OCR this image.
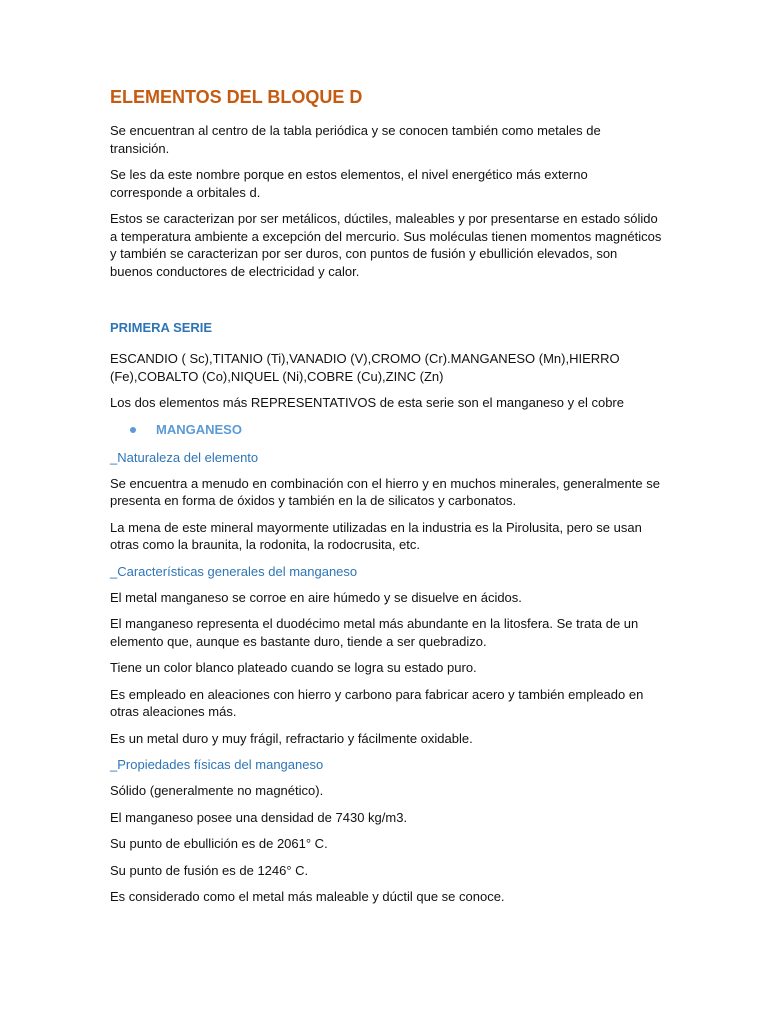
ELEMENTOS DEL BLOQUE D

Se encuentran al centro de la tabla periódica y se conocen también como metales de transición.

Se les da este nombre porque en estos elementos, el nivel energético más externo corresponde a orbitales d.

Estos se caracterizan por ser metálicos, dúctiles, maleables y por presentarse en estado sólido a temperatura ambiente a excepción del mercurio. Sus moléculas tienen momentos magnéticos y también se caracterizan por ser duros, con puntos de fusión y ebullición elevados, son buenos conductores de electricidad y calor.

PRIMERA SERIE

ESCANDIO ( Sc),TITANIO (Ti),VANADIO (V),CROMO (Cr).MANGANESO (Mn),HIERRO (Fe),COBALTO (Co),NIQUEL (Ni),COBRE (Cu),ZINC (Zn)

Los dos elementos más REPRESENTATIVOS de esta serie son el manganeso y el cobre

MANGANESO
_Naturaleza del elemento

Se encuentra a menudo en combinación con el hierro y en muchos minerales, generalmente se presenta en forma de óxidos y también en la de silicatos y carbonatos.

La mena de este mineral mayormente utilizadas en la industria es la Pirolusita, pero se usan otras como la braunita, la rodonita, la rodocrusita, etc.

_Características generales del manganeso

El metal manganeso se corroe en aire húmedo y se disuelve en ácidos.

El manganeso representa el duodécimo metal más abundante en la litosfera. Se trata de un elemento que, aunque es bastante duro, tiende a ser quebradizo.

Tiene un color blanco plateado cuando se logra su estado puro.

Es empleado en aleaciones con hierro y carbono para fabricar acero y también empleado en otras aleaciones más.

Es un metal duro y muy frágil, refractario y fácilmente oxidable.

_Propiedades físicas del manganeso

Sólido (generalmente no magnético).

El manganeso posee una densidad de 7430 kg/m3.

Su punto de ebullición es de 2061° C.

Su punto de fusión es de 1246° C.

Es considerado como el metal más maleable y dúctil que se conoce.
